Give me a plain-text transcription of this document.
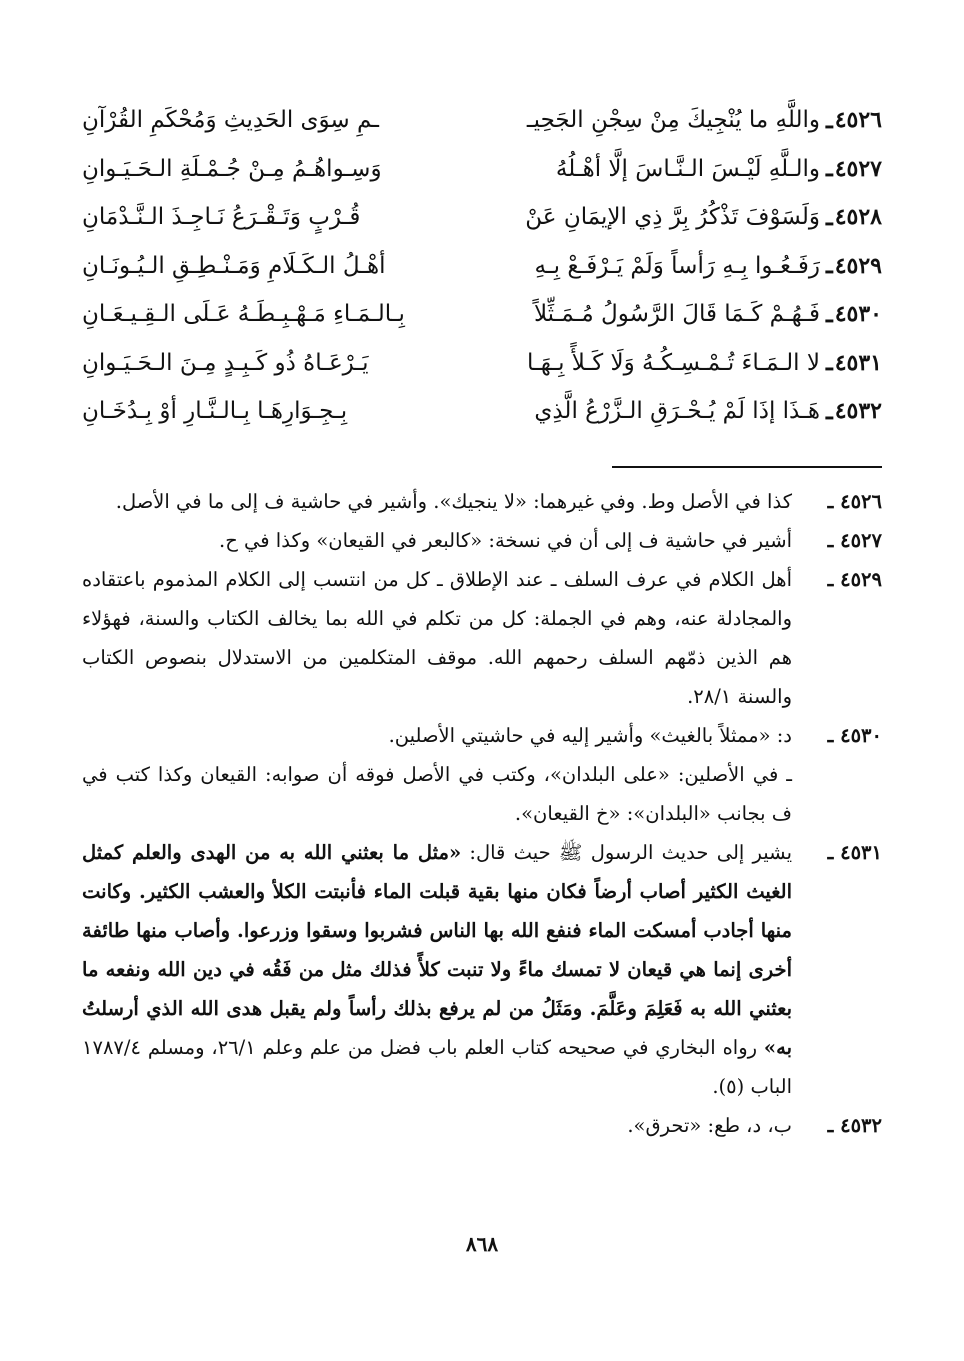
٤٥٢٦
ـ
واللَّهِ ما يُنْجِيكَ مِنْ سِجْنِ الجَحِيـ
ـمِ سِوَى الحَدِيثِ وَمُحْكَمِ القُرْآنِ
٤٥٢٧
ـ
والـلَّهِ لَيْـسَ الـنَّـاسَ إلَّا أهْـلُهُ
وَسِـواهُـمُ مِـنْ جُـمْـلَةِ الـحَـيَـوانِ
٤٥٢٨
ـ
وَلَسَوْفَ تَذْكُرُ بِرَّ ذِي الإيمَانِ عَنْ
قُـرْبٍ وَتَـقْـرَعُ نَـاجِـذَ الـنَّـدْمَانِ
٤٥٢٩
ـ
رَفَـعُـوا بِـهِ رَأساً وَلَمْ يَـرْفَـعْ بِـهِ
أهْـلُ الـكَـلَامِ وَمَـنْـطِـقِ الـيُـونَـانِ
٤٥٣٠
ـ
فَـهُـمْ كَـمَا قَالَ الرَّسُولُ مُـمَـثِّلاً
بِـالـمَـاءِ مَـهْـبِـطَـهُ عَـلَى الـقِـيـعَـانِ
٤٥٣١
ـ
لا الـمَـاءَ تُـمْـسِـكُـهُ وَلَا كَـلأً بِـهَـا
يَـرْعَـاهُ ذُو كَـبِـدٍ مِـنَ الـحَـيَـوانِ
٤٥٣٢
ـ
هَـذَا إذَا لَمْ يُـحْـرَقِ الـزَّرْعُ الَّذِي
بِـجِـوَارِهَـا بِـالـنَّـارِ أوْ بِـدُخَـانِ
٤٥٢٦ ـ
كذا في الأصل وط. وفي غيرهما: «لا ينجيك». وأشير في حاشية ف إلى ما في الأصل.
٤٥٢٧ ـ
أشير في حاشية ف إلى أن في نسخة: «كالبعر في القيعان» وكذا في ح.
٤٥٢٩ ـ
أهل الكلام في عرف السلف ـ عند الإطلاق ـ كل من انتسب إلى الكلام المذموم باعتقاده والمجادلة عنه، وهم في الجملة: كل من تكلم في الله بما يخالف الكتاب والسنة، فهؤلاء هم الذين ذمّهم السلف رحمهم الله. موقف المتكلمين من الاستدلال بنصوص الكتاب والسنة ٢٨/١.
٤٥٣٠ ـ
د: «ممثلاً بالغيث» وأشير إليه في حاشيتي الأصلين.
ـ في الأصلين: «على البلدان»، وكتب في الأصل فوقه أن صوابه: القيعان وكذا كتب في ف بجانب «البلدان»: «خ القيعان».
٤٥٣١ ـ
يشير إلى حديث الرسول ﷺ حيث قال: «مثل ما بعثني الله به من الهدى والعلم كمثل الغيث الكثير أصاب أرضاً فكان منها بقية قبلت الماء فأنبتت الكلأ والعشب الكثير. وكانت منها أجادب أمسكت الماء فنفع الله بها الناس فشربوا وسقوا وزرعوا. وأصاب منها طائفة أخرى إنما هي قيعان لا تمسك ماءً ولا تنبت كلأً فذلك مثل من فَقُه في دين الله ونفعه ما بعثني الله به فَعَلِمَ وعَلَّمَ. ومَثَلُ من لم يرفع بذلك رأساً ولم يقبل هدى الله الذي أرسلتُ به» رواه البخاري في صحيحه كتاب العلم باب فضل من علم وعلم ٢٦/١، ومسلم ١٧٨٧/٤ الباب (٥).
٤٥٣٢ ـ
ب، د، طع: «تحرق».
٨٦٨
